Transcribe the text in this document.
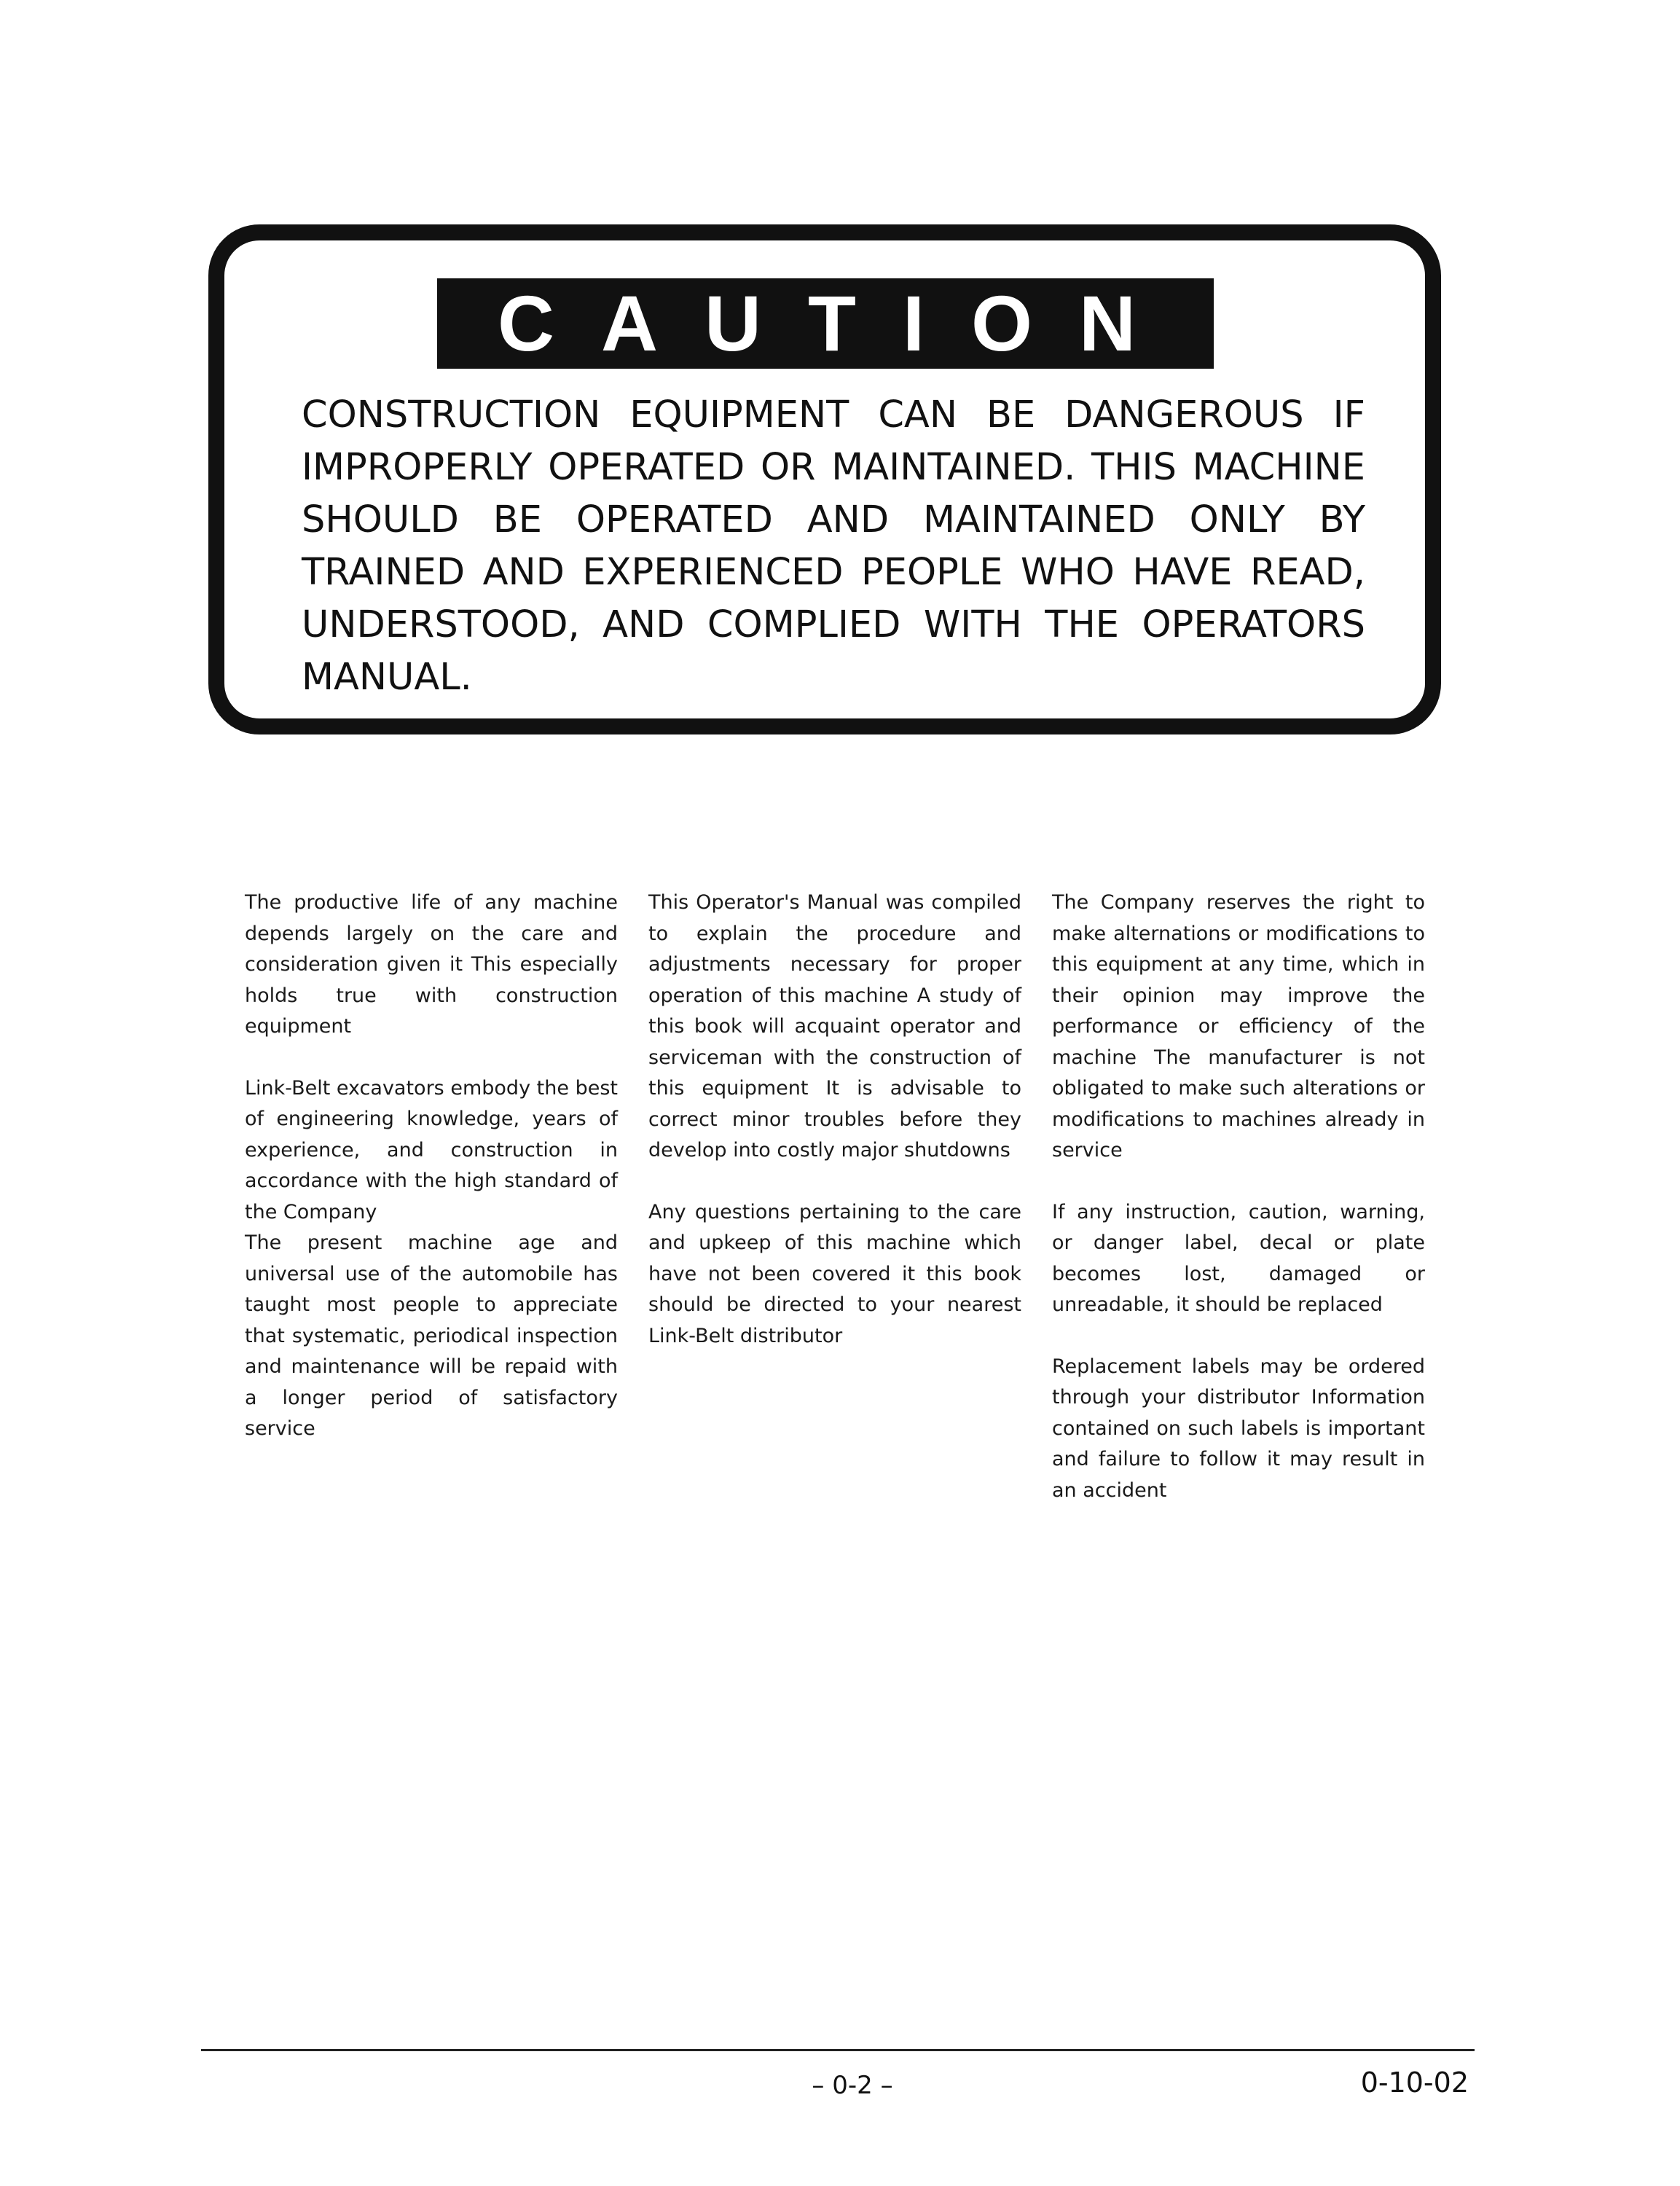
CAUTION

CONSTRUCTION EQUIPMENT CAN BE DANGEROUS IF IMPROPERLY OPERATED OR MAINTAINED. THIS MACHINE SHOULD BE OPERATED AND MAINTAINED ONLY BY TRAINED AND EXPERIENCED PEOPLE WHO HAVE READ, UNDERSTOOD, AND COMPLIED WITH THE OPERATORS MANUAL.

The productive life of any machine depends largely on the care and consideration given it This especially holds true with construction equipment

Link-Belt excavators embody the best of engineering knowledge, years of experience, and construction in accordance with the high standard of the Company

The present machine age and universal use of the automobile has taught most people to appreciate that systematic, periodical inspection and maintenance will be repaid with a longer period of satisfactory service

This Operator's Manual was compiled to explain the procedure and adjustments necessary for proper operation of this machine A study of this book will acquaint operator and serviceman with the construction of this equipment It is advisable to correct minor troubles before they develop into costly major shutdowns

Any questions pertaining to the care and upkeep of this machine which have not been covered it this book should be directed to your nearest Link-Belt distributor

The Company reserves the right to make alternations or modifications to this equipment at any time, which in their opinion may improve the performance or efficiency of the machine The manufacturer is not obligated to make such alterations or modifications to machines already in service

If any instruction, caution, warning, or danger label, decal or plate becomes lost, damaged or unreadable, it should be replaced

Replacement labels may be ordered through your distributor Information contained on such labels is important and failure to follow it may result in an accident

– 0-2 –	0-10-02
